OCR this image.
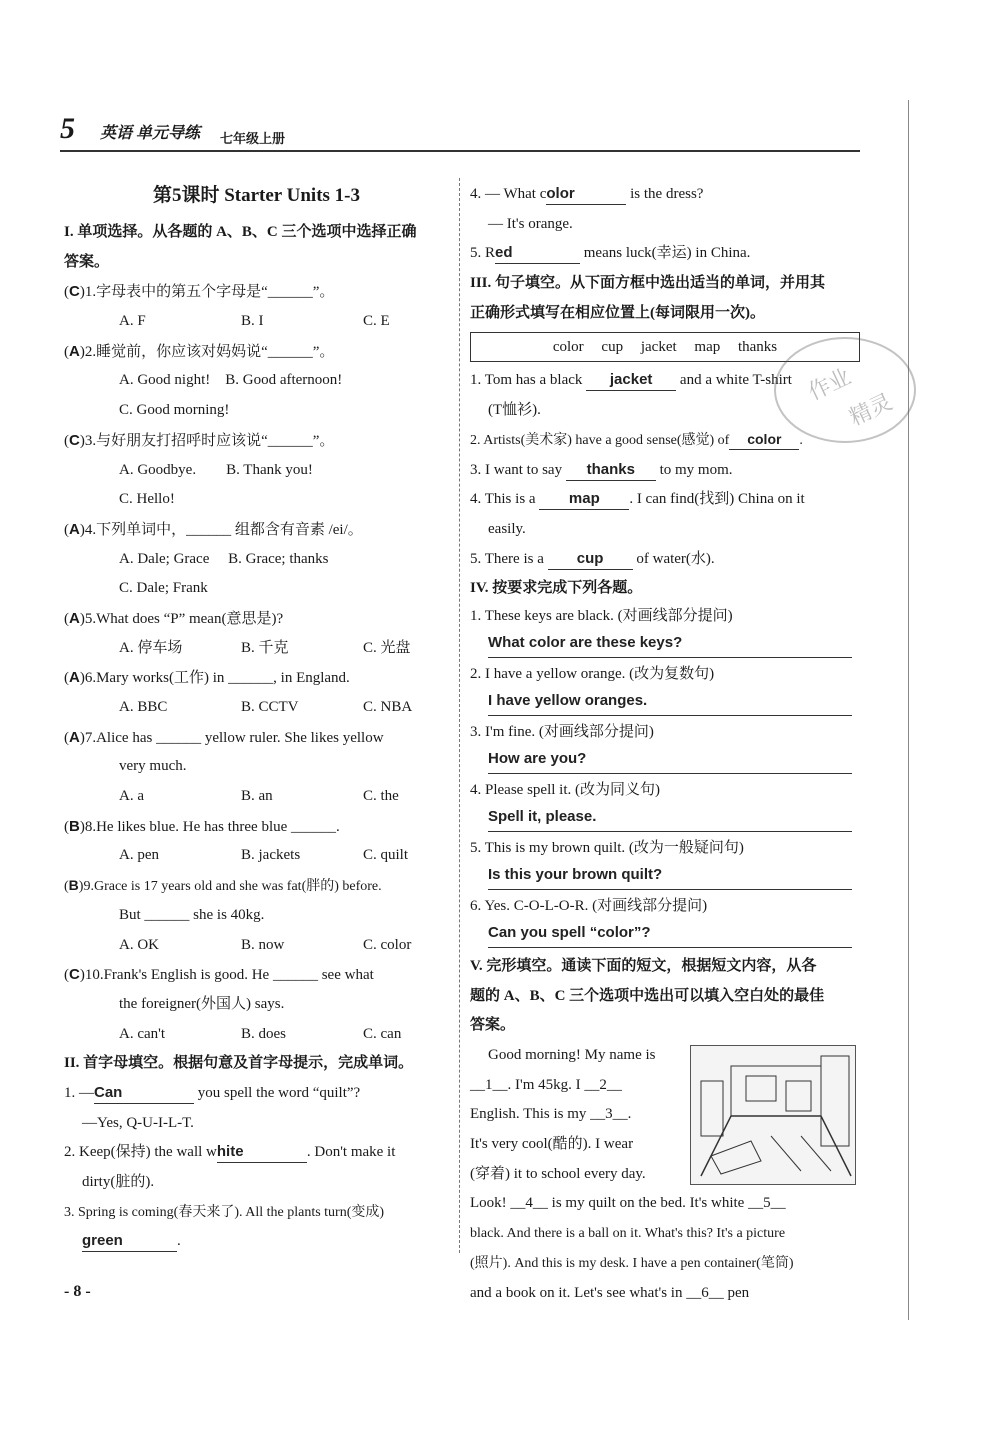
5 英语 单元导练 七年级上册
第5课时 Starter Units 1-3
I. 单项选择。从各题的 A、B、C 三个选项中选择正确
答案。
(C)1.字母表中的第五个字母是“______”。
A. F	B. I	C. E
(A)2.睡觉前，你应该对妈妈说“______”。
A. Good night!    B. Good afternoon!
C. Good morning!
(C)3.与好朋友打招呼时应该说“______”。
A. Goodbye.        B. Thank you!
C. Hello!
(A)4.下列单词中，______ 组都含有音素 /ei/。
A. Dale; Grace     B. Grace; thanks
C. Dale; Frank
(A)5.What does “P” mean(意思是)?
A. 停车场	B. 千克	C. 光盘
(A)6.Mary works(工作) in ______, in England.
A. BBC	B. CCTV	C. NBA
(A)7.Alice has ______ yellow ruler. She likes yellow
very much.
A. a	B. an	C. the
(B)8.He likes blue. He has three blue ______.
A. pen	B. jackets	C. quilt
(B)9.Grace is 17 years old and she was fat(胖的) before.
But ______ she is 40kg.
A. OK	B. now	C. color
(C)10.Frank's English is good. He ______ see what
the foreigner(外国人) says.
A. can't	B. does	C. can
II. 首字母填空。根据句意及首字母提示，完成单词。
1. —Can	you spell the word “quilt”?
—Yes, Q-U-I-L-T.
2. Keep(保持) the wall white	. Don't make it
dirty(脏的).
3. Spring is coming(春天来了). All the plants turn(变成)
green	.
4. — What color	is the dress?
— It's orange.
5. Red	means luck(幸运) in China.
III. 句子填空。从下面方框中选出适当的单词，并用其
正确形式填写在相应位置上(每词限用一次)。
color cup jacket map thanks
1. Tom has a black jacket and a white T-shirt
(T恤衫).
2. Artists(美术家) have a good sense(感觉) of color .
3. I want to say thanks to my mom.
4. This is a map . I can find(找到) China on it
easily.
5. There is a cup of water(水).
IV. 按要求完成下列各题。
1. These keys are black. (对画线部分提问)
What color are these keys?
2. I have a yellow orange. (改为复数句)
I have yellow oranges.
3. I'm fine. (对画线部分提问)
How are you?
4. Please spell it. (改为同义句)
Spell it, please.
5. This is my brown quilt. (改为一般疑问句)
Is this your brown quilt?
6. Yes. C-O-L-O-R. (对画线部分提问)
Can you spell “color”?
V. 完形填空。通读下面的短文，根据短文内容，从各
题的 A、B、C 三个选项中选出可以填入空白处的最佳
答案。
Good morning! My name is
__1__. I'm 45kg. I __2__
English. This is my __3__.
It's very cool(酷的). I wear
(穿着) it to school every day.
Look! __4__ is my quilt on the bed. It's white __5__
black. And there is a ball on it. What's this? It's a picture
(照片). And this is my desk. I have a pen container(笔筒)
and a book on it. Let's see what's in __6__ pen
作业
精灵
- 8 -
